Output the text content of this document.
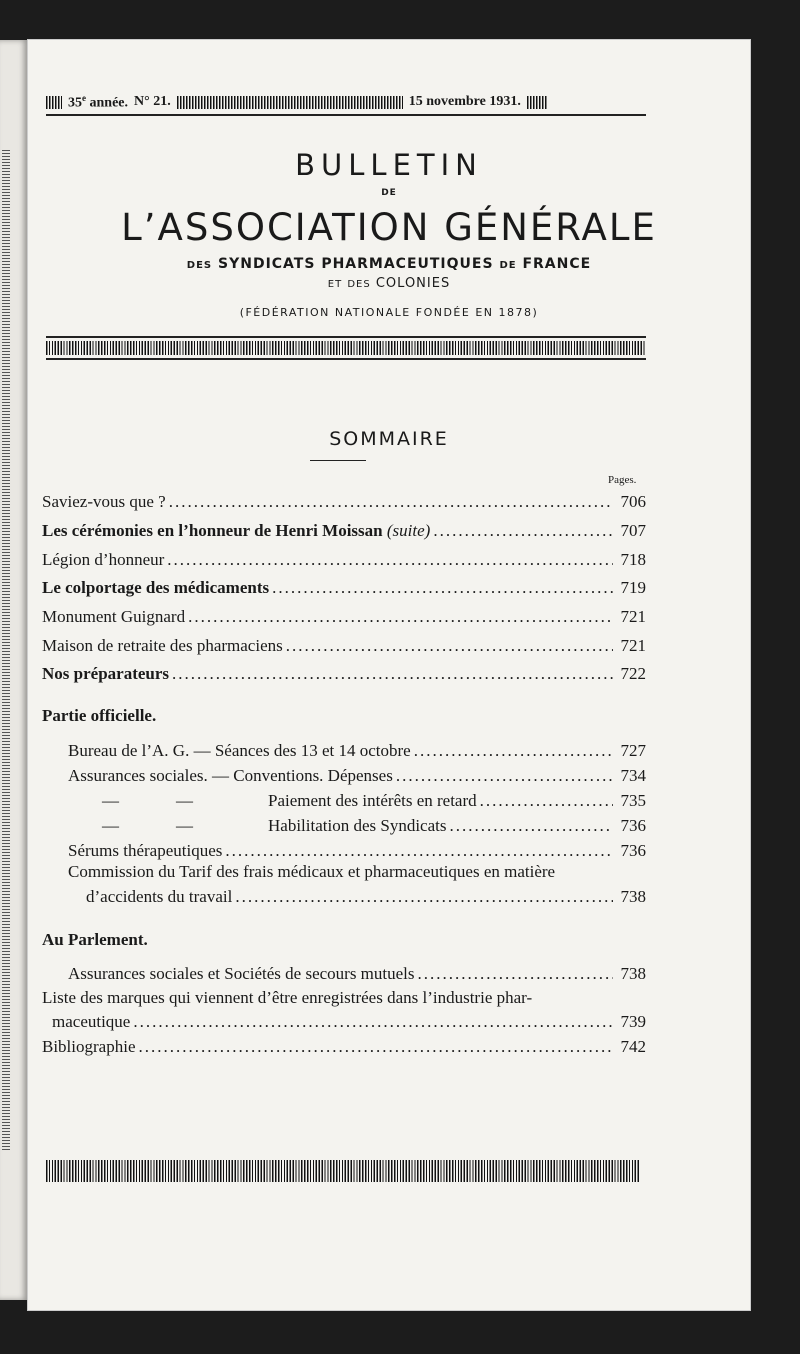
35e année. N° 21.	15 novembre 1931.
BULLETIN
DE
L’ASSOCIATION GÉNÉRALE
DES SYNDICATS PHARMACEUTIQUES DE FRANCE
ET DES COLONIES
(FÉDÉRATION NATIONALE FONDÉE EN 1878)
SOMMAIRE
Pages.
Saviez-vous que ? .....	706
Les cérémonies en l’honneur de Henri Moissan
(suite) .....	707
Légion d’honneur .....	718
Le colportage des médicaments .....	719
Monument Guignard .....	721
Maison de retraite des pharmaciens .....	721
Nos préparateurs .....	722
Partie officielle.
Bureau de l’A. G. — Séances des 13 et 14 octobre .....	727
Assurances sociales. — Conventions. Dépenses .....	734
—	—	Paiement des intérêts en retard .....	735
—	—	Habilitation des Syndicats .....	736
Sérums thérapeutiques .....	736
Commission du Tarif des frais médicaux et pharmaceutiques en matière
d’accidents du travail .....	738
Au Parlement.
Assurances sociales et Sociétés de secours mutuels .....	738
Liste des marques qui viennent d’être enregistrées dans l’industrie phar-
maceutique .....	739
Bibliographie .....	742
